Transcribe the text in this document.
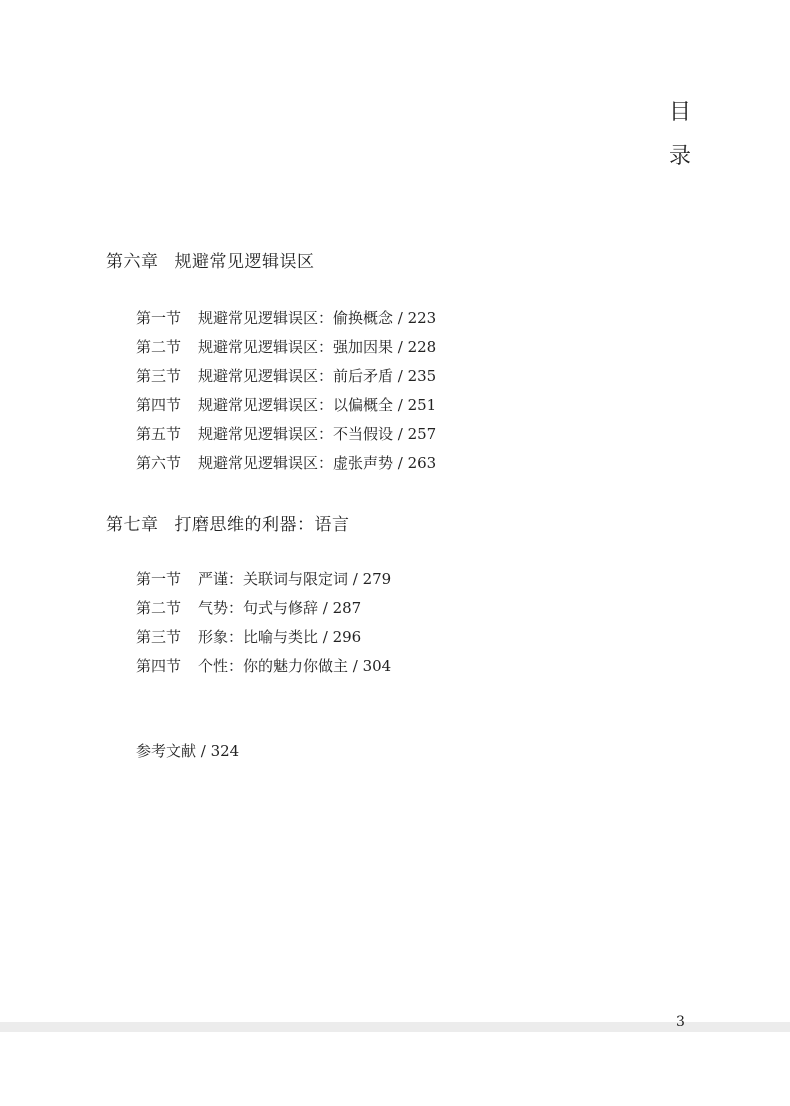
目
录
第六章 规避常见逻辑误区
第一节 规避常见逻辑误区：偷换概念 / 223
第二节 规避常见逻辑误区：强加因果 / 228
第三节 规避常见逻辑误区：前后矛盾 / 235
第四节 规避常见逻辑误区：以偏概全 / 251
第五节 规避常见逻辑误区：不当假设 / 257
第六节 规避常见逻辑误区：虚张声势 / 263
第七章 打磨思维的利器：语言
第一节 严谨：关联词与限定词 / 279
第二节 气势：句式与修辞 / 287
第三节 形象：比喻与类比 / 296
第四节 个性：你的魅力你做主 / 304
参考文献 / 324
3
